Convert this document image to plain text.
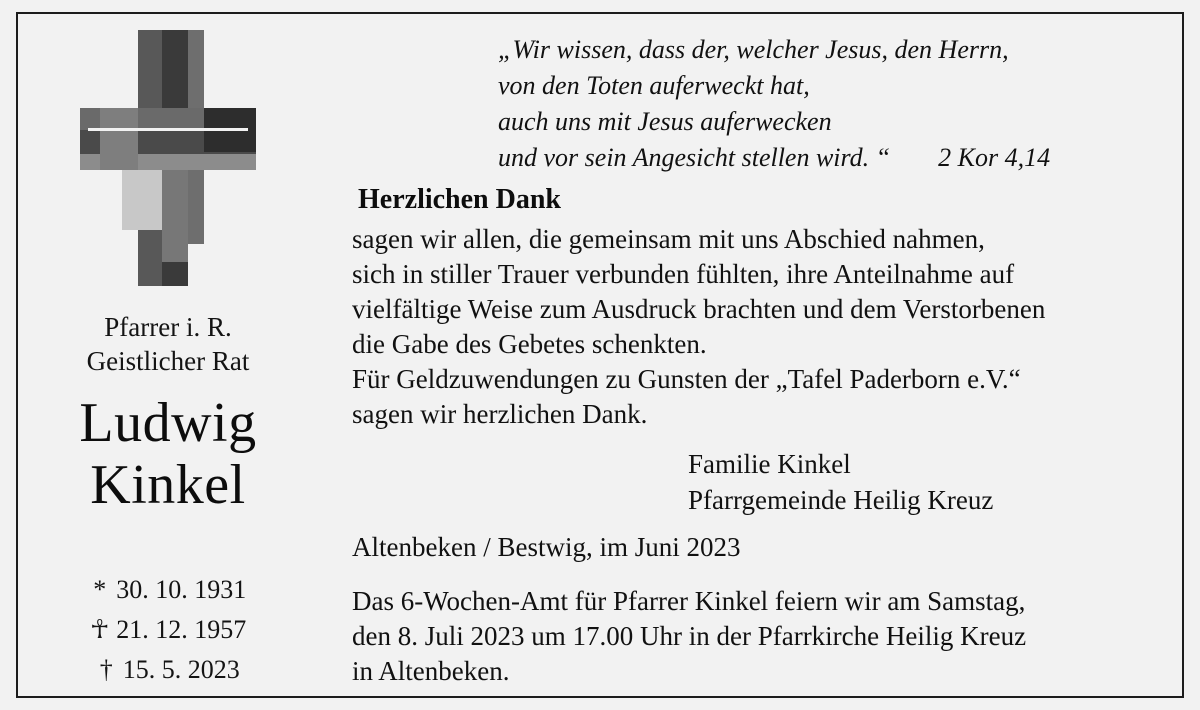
Pfarrer i. R.
Geistlicher Rat
Ludwig
Kinkel
* 30. 10. 1931
☥ 21. 12. 1957
† 15. 5. 2023
„Wir wissen, dass der, welcher Jesus, den Herrn,
von den Toten auferweckt hat,
auch uns mit Jesus auferwecken
und vor sein Angesicht stellen wird. “ 2 Kor 4,14
Herzlichen Dank
sagen wir allen, die gemeinsam mit uns Abschied nahmen,
sich in stiller Trauer verbunden fühlten, ihre Anteilnahme auf
vielfältige Weise zum Ausdruck brachten und dem Verstorbenen
die Gabe des Gebetes schenkten.
Für Geldzuwendungen zu Gunsten der „Tafel Paderborn e.V.“
sagen wir herzlichen Dank.
Familie Kinkel
Pfarrgemeinde Heilig Kreuz
Altenbeken / Bestwig, im Juni 2023
Das 6-Wochen-Amt für Pfarrer Kinkel feiern wir am Samstag,
den 8. Juli 2023 um 17.00 Uhr in der Pfarrkirche Heilig Kreuz
in Altenbeken.
